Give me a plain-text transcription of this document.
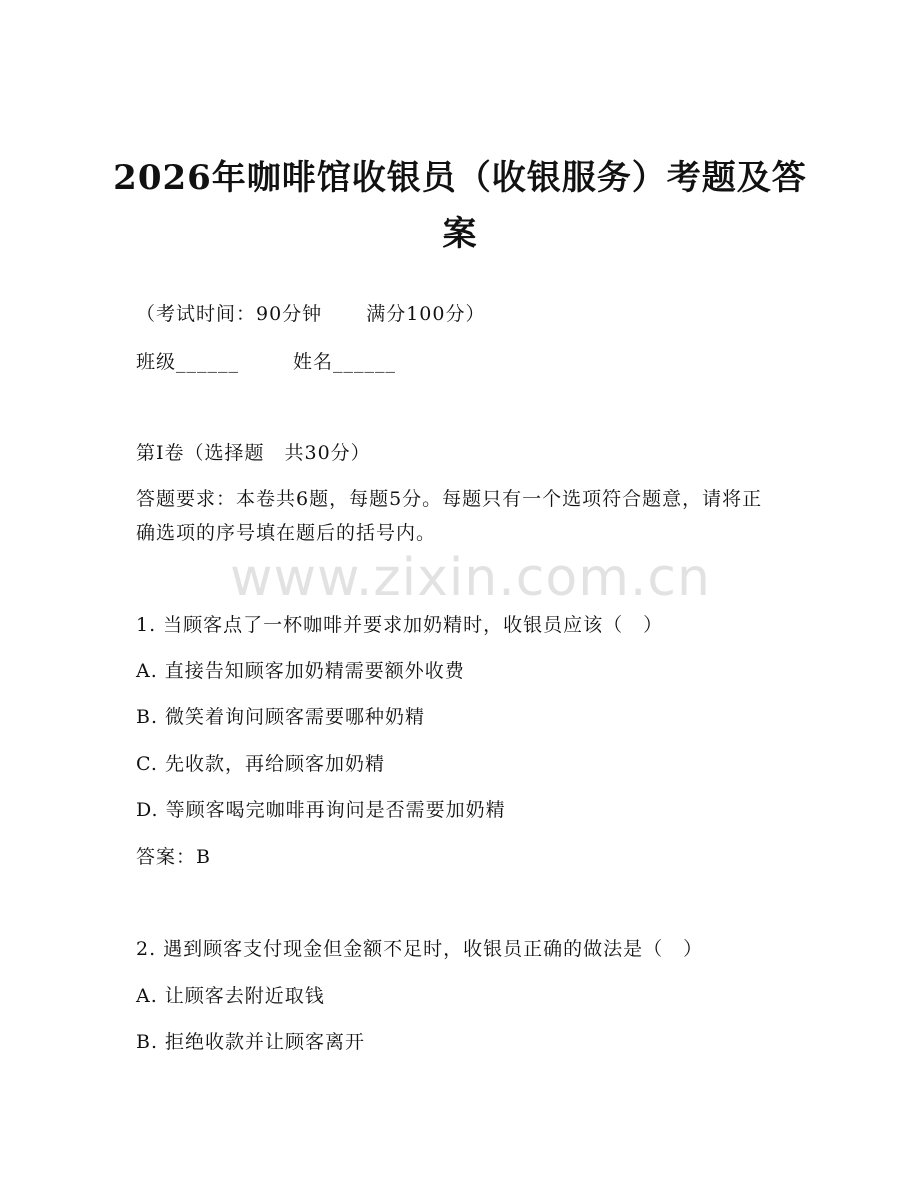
2026年咖啡馆收银员（收银服务）考题及答案
（考试时间：90分钟 满分100分）
班级______	姓名______
第I卷（选择题　共30分）
答题要求：本卷共6题，每题5分。每题只有一个选项符合题意，请将正确选项的序号填在题后的括号内。
www.zixin.com.cn
1. 当顾客点了一杯咖啡并要求加奶精时，收银员应该（　）
A. 直接告知顾客加奶精需要额外收费
B. 微笑着询问顾客需要哪种奶精
C. 先收款，再给顾客加奶精
D. 等顾客喝完咖啡再询问是否需要加奶精
答案：B
2. 遇到顾客支付现金但金额不足时，收银员正确的做法是（　）
A. 让顾客去附近取钱
B. 拒绝收款并让顾客离开
